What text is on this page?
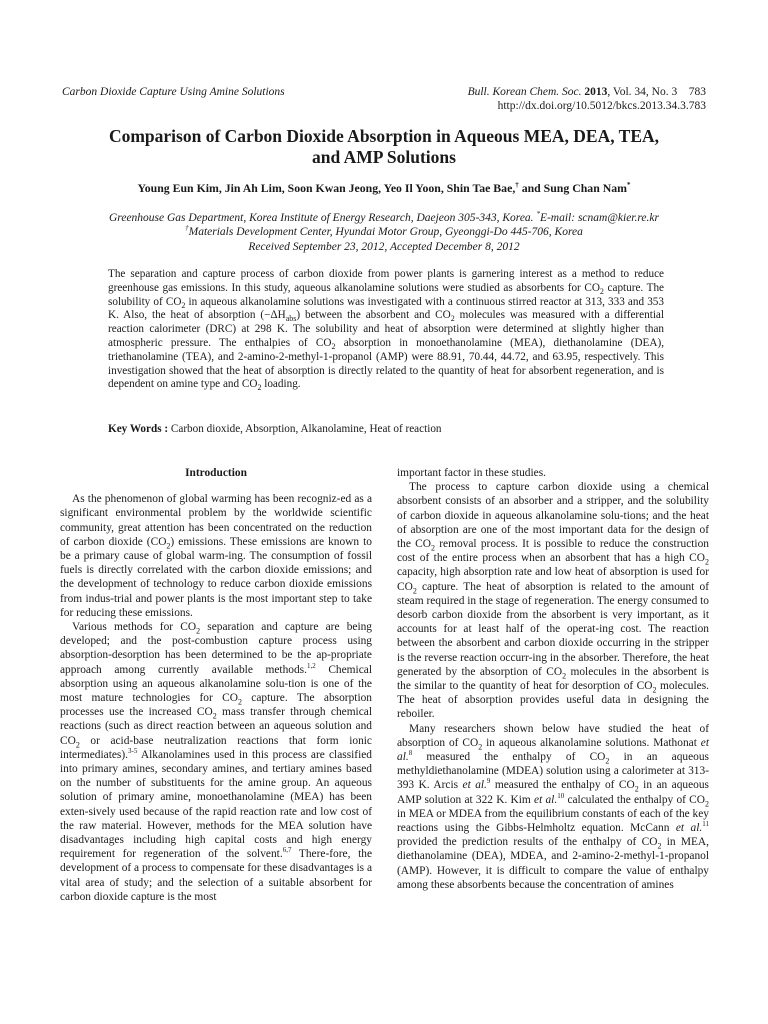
Carbon Dioxide Capture Using Amine Solutions	Bull. Korean Chem. Soc. 2013, Vol. 34, No. 3 783
http://dx.doi.org/10.5012/bkcs.2013.34.3.783
Comparison of Carbon Dioxide Absorption in Aqueous MEA, DEA, TEA,
and AMP Solutions
Young Eun Kim, Jin Ah Lim, Soon Kwan Jeong, Yeo Il Yoon, Shin Tae Bae,† and Sung Chan Nam*
Greenhouse Gas Department, Korea Institute of Energy Research, Daejeon 305-343, Korea. *E-mail: scnam@kier.re.kr
†Materials Development Center, Hyundai Motor Group, Gyeonggi-Do 445-706, Korea
Received September 23, 2012, Accepted December 8, 2012
The separation and capture process of carbon dioxide from power plants is garnering interest as a method to reduce greenhouse gas emissions. In this study, aqueous alkanolamine solutions were studied as absorbents for $CO_2$ capture. The solubility of $CO_2$ in aqueous alkanolamine solutions was investigated with a continuous stirred reactor at 313, 333 and 353 K. Also, the heat of absorption $(-\Delta H_{abs})$ between the absorbent and $CO_2$ molecules was measured with a differential reaction calorimeter (DRC) at 298 K. The solubility and heat of absorption were determined at slightly higher than atmospheric pressure. The enthalpies of $CO_2$ absorption in monoethanolamine (MEA), diethanolamine (DEA), triethanolamine (TEA), and 2-amino-2-methyl-1-propanol (AMP) were 88.91, 70.44, 44.72, and 63.95, respectively. This investigation showed that the heat of absorption is directly related to the quantity of heat for absorbent regeneration, and is dependent on amine type and $CO_2$ loading.
Key Words : Carbon dioxide, Absorption, Alkanolamine, Heat of reaction
Introduction

As the phenomenon of global warming has been recogniz-ed as a significant environmental problem by the worldwide scientific community, great attention has been concentrated on the reduction of carbon dioxide $(CO_2)$ emissions. These emissions are known to be a primary cause of global warm-ing. The consumption of fossil fuels is directly correlated with the carbon dioxide emissions; and the development of technology to reduce carbon dioxide emissions from indus-trial and power plants is the most important step to take for reducing these emissions.

Various methods for $CO_2$ separation and capture are being developed; and the post-combustion capture process using absorption-desorption has been determined to be the ap-propriate approach among currently available methods.$^{1,2}$ Chemical absorption using an aqueous alkanolamine solu-tion is one of the most mature technologies for $CO_2$ capture. The absorption processes use the increased $CO_2$ mass transfer through chemical reactions (such as direct reaction between an aqueous solution and $CO_2$ or acid-base neutralization reactions that form ionic intermediates).$^{3-5}$ Alkanolamines used in this process are classified into primary amines, secondary amines, and tertiary amines based on the number of substituents for the amine group. An aqueous solution of primary amine, monoethanolamine (MEA) has been exten-sively used because of the rapid reaction rate and low cost of the raw material. However, methods for the MEA solution have disadvantages including high capital costs and high energy requirement for regeneration of the solvent.$^{6,7}$ There-fore, the development of a process to compensate for these disadvantages is a vital area of study; and the selection of a suitable absorbent for carbon dioxide capture is the most

important factor in these studies.

The process to capture carbon dioxide using a chemical absorbent consists of an absorber and a stripper, and the solubility of carbon dioxide in aqueous alkanolamine solu-tions; and the heat of absorption are one of the most important data for the design of the $CO_2$ removal process. It is possible to reduce the construction cost of the entire process when an absorbent that has a high $CO_2$ capacity, high absorption rate and low heat of absorption is used for $CO_2$ capture. The heat of absorption is related to the amount of steam required in the stage of regeneration. The energy consumed to desorb carbon dioxide from the absorbent is very important, as it accounts for at least half of the operat-ing cost. The reaction between the absorbent and carbon dioxide occurring in the stripper is the reverse reaction occurr-ing in the absorber. Therefore, the heat generated by the absorption of $CO_2$ molecules in the absorbent is the similar to the quantity of heat for desorption of $CO_2$ molecules. The heat of absorption provides useful data in designing the reboiler.

Many researchers shown below have studied the heat of absorption of $CO_2$ in aqueous alkanolamine solutions. Mathonat et al.$^8$ measured the enthalpy of $CO_2$ in an aqueous methyldiethanolamine (MDEA) solution using a calorimeter at 313-393 K. Arcis et al.$^9$ measured the enthalpy of $CO_2$ in an aqueous AMP solution at 322 K. Kim et al.$^{10}$ calculated the enthalpy of $CO_2$ in MEA or MDEA from the equilibrium constants of each of the key reactions using the Gibbs-Helmholtz equation. McCann et al.$^{11}$ provided the prediction results of the enthalpy of $CO_2$ in MEA, diethanolamine (DEA), MDEA, and 2-amino-2-methyl-1-propanol (AMP). However, it is difficult to compare the value of enthalpy among these absorbents because the concentration of amines
